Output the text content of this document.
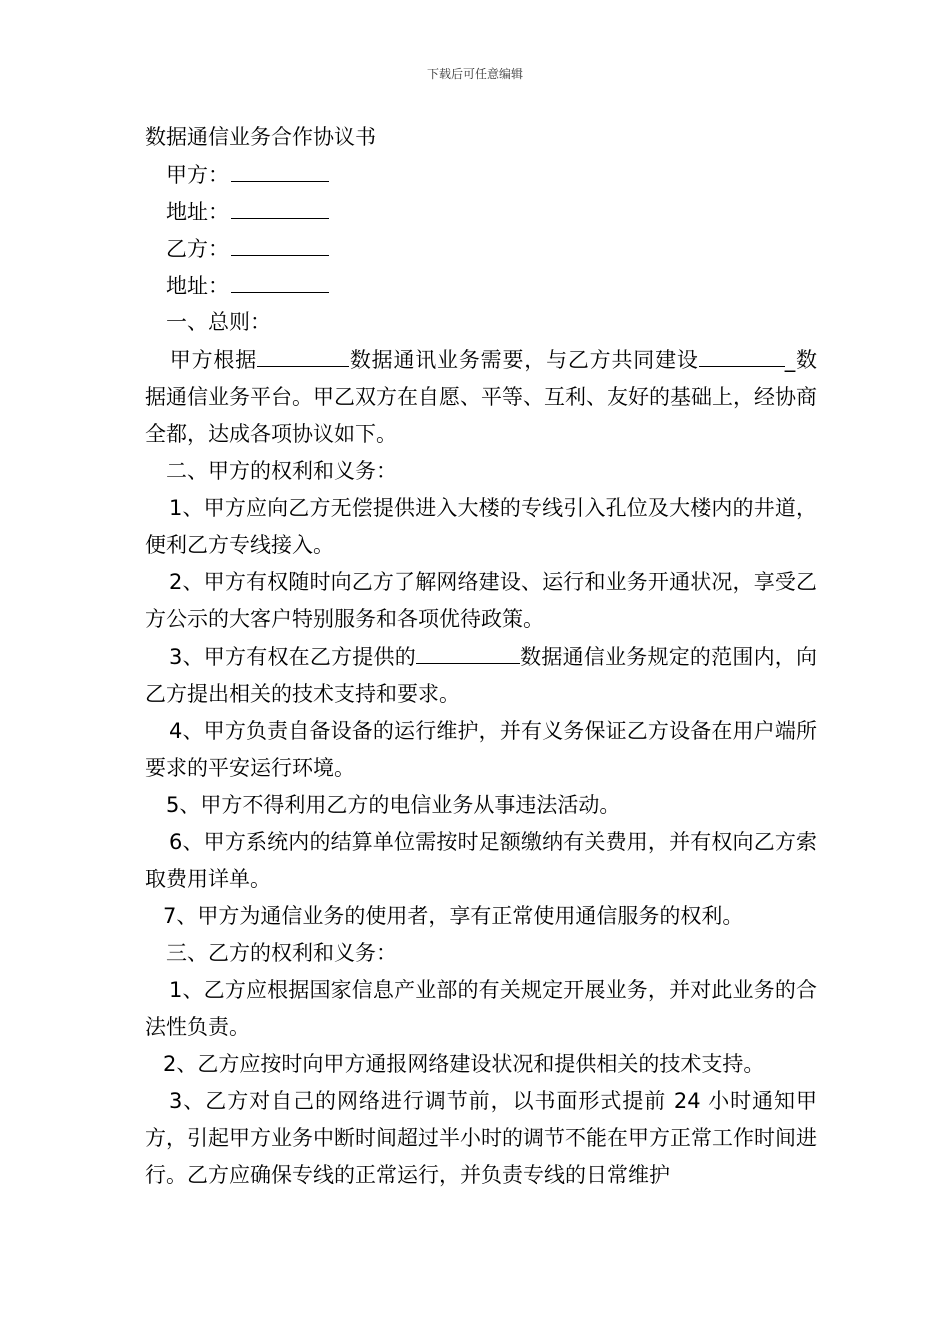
下载后可任意编辑
数据通信业务合作协议书
甲方：
地址：
乙方：
地址：
一、总则：

甲方根据	数据通讯业务需要，与乙方共同建设	_数据通信业务平台。甲乙双方在自愿、平等、互利、友好的基础上，经协商全都，达成各项协议如下。

二、甲方的权利和义务：

1、甲方应向乙方无偿提供进入大楼的专线引入孔位及大楼内的井道，便利乙方专线接入。

2、甲方有权随时向乙方了解网络建设、运行和业务开通状况，享受乙方公示的大客户特别服务和各项优待政策。

3、甲方有权在乙方提供的	数据通信业务规定的范围内，向乙方提出相关的技术支持和要求。

4、甲方负责自备设备的运行维护，并有义务保证乙方设备在用户端所要求的平安运行环境。

5、甲方不得利用乙方的电信业务从事违法活动。

6、甲方系统内的结算单位需按时足额缴纳有关费用，并有权向乙方索取费用详单。

7、甲方为通信业务的使用者，享有正常使用通信服务的权利。

三、乙方的权利和义务：

1、乙方应根据国家信息产业部的有关规定开展业务，并对此业务的合法性负责。

2、乙方应按时向甲方通报网络建设状况和提供相关的技术支持。

3、乙方对自己的网络进行调节前，以书面形式提前 24 小时通知甲方，引起甲方业务中断时间超过半小时的调节不能在甲方正常工作时间进行。乙方应确保专线的正常运行，并负责专线的日常维护
